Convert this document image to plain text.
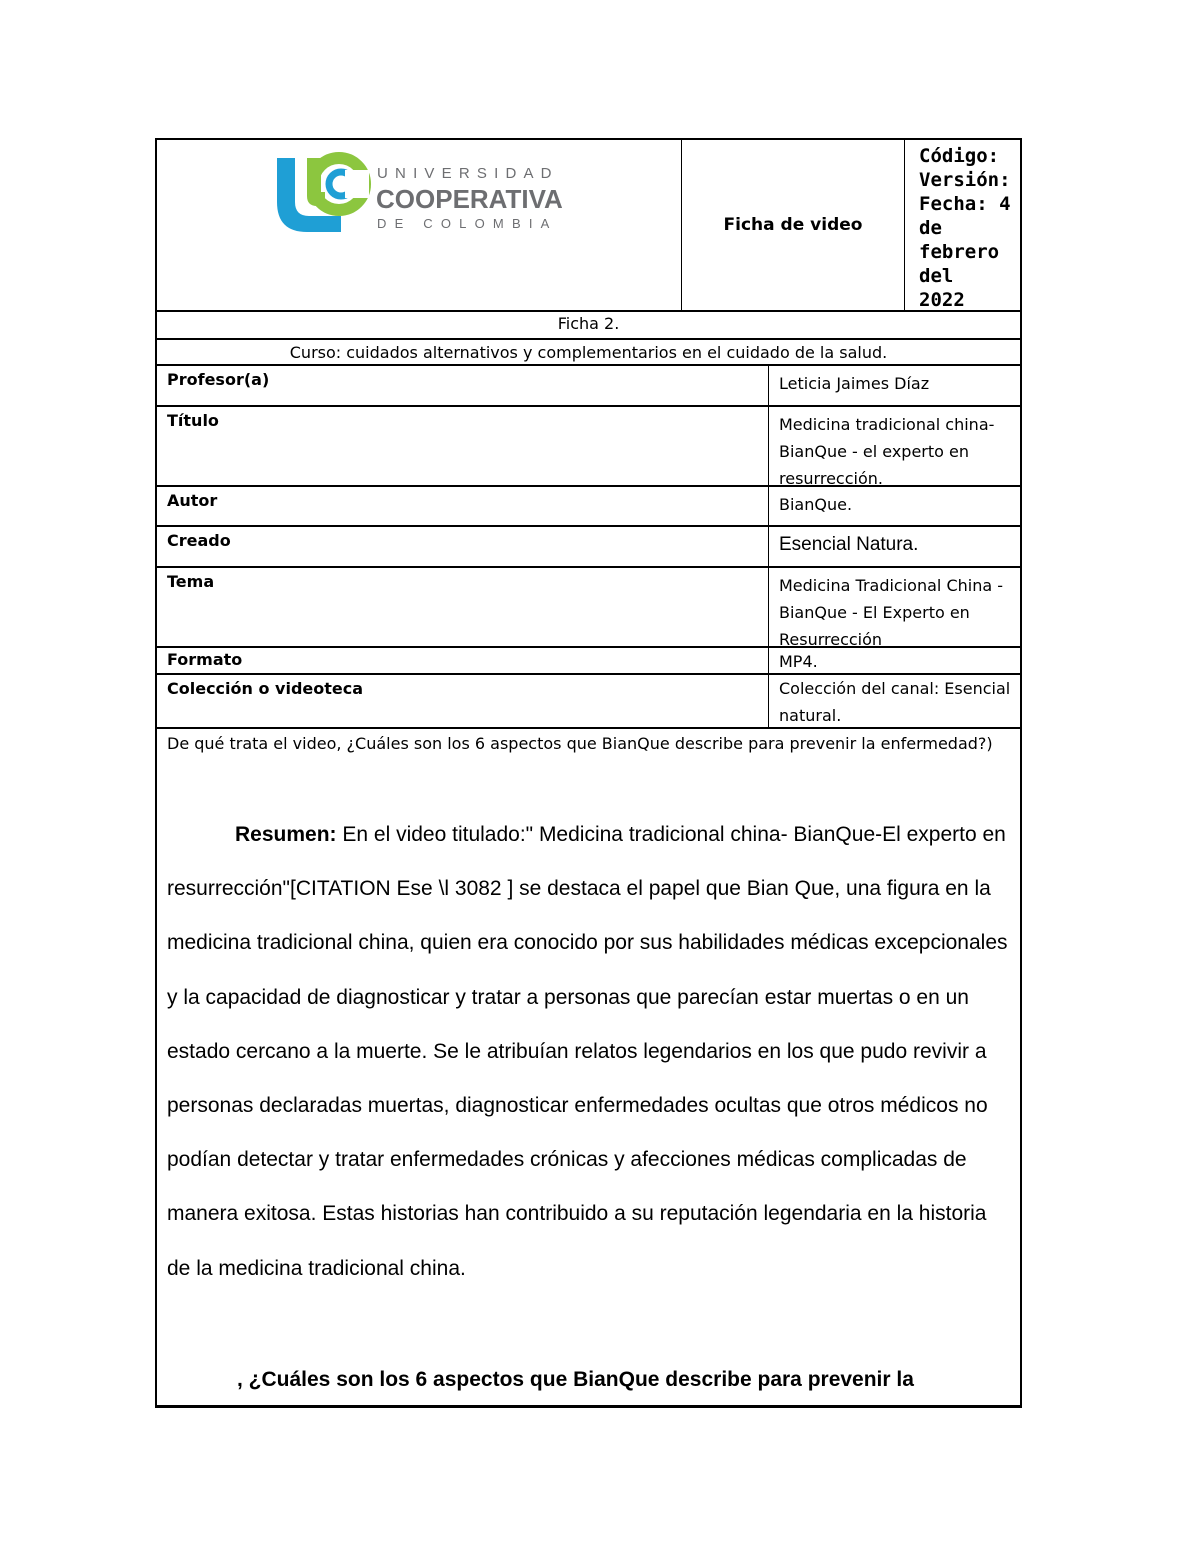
UNIVERSIDAD
COOPERATIVA
DE COLOMBIA	Ficha de video
Código:
Versión:
Fecha: 4
de
febrero
del
2022
Ficha 2.
Curso: cuidados alternativos y complementarios en el cuidado de la salud.
Profesor(a)	Leticia Jaimes Díaz
Título	Medicina tradicional china- BianQue - el experto en resurrección.
Autor	BianQue.
Creado	Esencial Natura.
Tema	Medicina Tradicional China - BianQue - El Experto en Resurrección
Formato	MP4.
Colección o videoteca	Colección del canal: Esencial natural.
De qué trata el video, ¿Cuáles son los 6 aspectos que BianQue describe para prevenir la enfermedad?)

Resumen: En el video titulado:" Medicina tradicional china- BianQue-El experto en resurrección"[CITATION Ese \l 3082 ] se destaca el papel que Bian Que, una figura en la medicina tradicional china, quien era conocido por sus habilidades médicas excepcionales y la capacidad de diagnosticar y tratar a personas que parecían estar muertas o en un estado cercano a la muerte. Se le atribuían relatos legendarios en los que pudo revivir a personas declaradas muertas, diagnosticar enfermedades ocultas que otros médicos no podían detectar y tratar enfermedades crónicas y afecciones médicas complicadas de manera exitosa. Estas historias han contribuido a su reputación legendaria en la historia de la medicina tradicional china.

, ¿Cuáles son los 6 aspectos que BianQue describe para prevenir la
